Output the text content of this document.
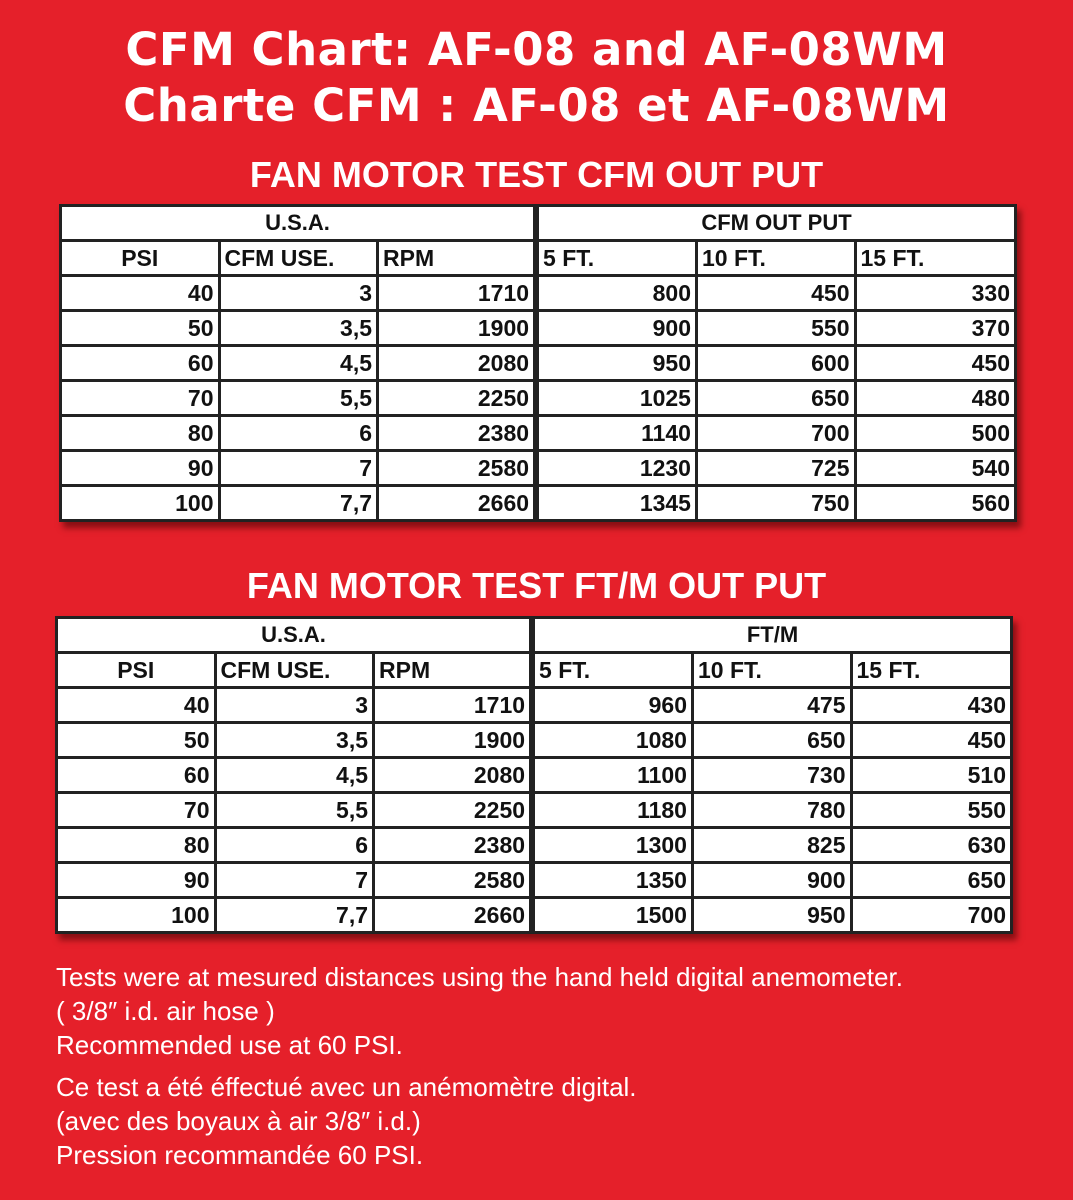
CFM Chart: AF-08 and AF-08WM
Charte CFM : AF-08 et AF-08WM
FAN MOTOR TEST CFM OUT PUT
U.S.A.			CFM OUT PUT		
PSI	CFM USE.	RPM	5 FT.	10 FT.	15 FT.
40	3	1710	800	450	330
50	3,5	1900	900	550	370
60	4,5	2080	950	600	450
70	5,5	2250	1025	650	480
80	6	2380	1140	700	500
90	7	2580	1230	725	540
100	7,7	2660	1345	750	560
FAN MOTOR TEST FT/M OUT PUT
U.S.A.			FT/M		
PSI	CFM USE.	RPM	5 FT.	10 FT.	15 FT.
40	3	1710	960	475	430
50	3,5	1900	1080	650	450
60	4,5	2080	1100	730	510
70	5,5	2250	1180	780	550
80	6	2380	1300	825	630
90	7	2580	1350	900	650
100	7,7	2660	1500	950	700
Tests were at mesured distances using the hand held digital anemometer.
( 3/8″ i.d. air hose )
Recommended use at 60 PSI.
Ce test a été éffectué avec un anémomètre digital.
(avec des boyaux à air 3/8″ i.d.)
Pression recommandée 60 PSI.
